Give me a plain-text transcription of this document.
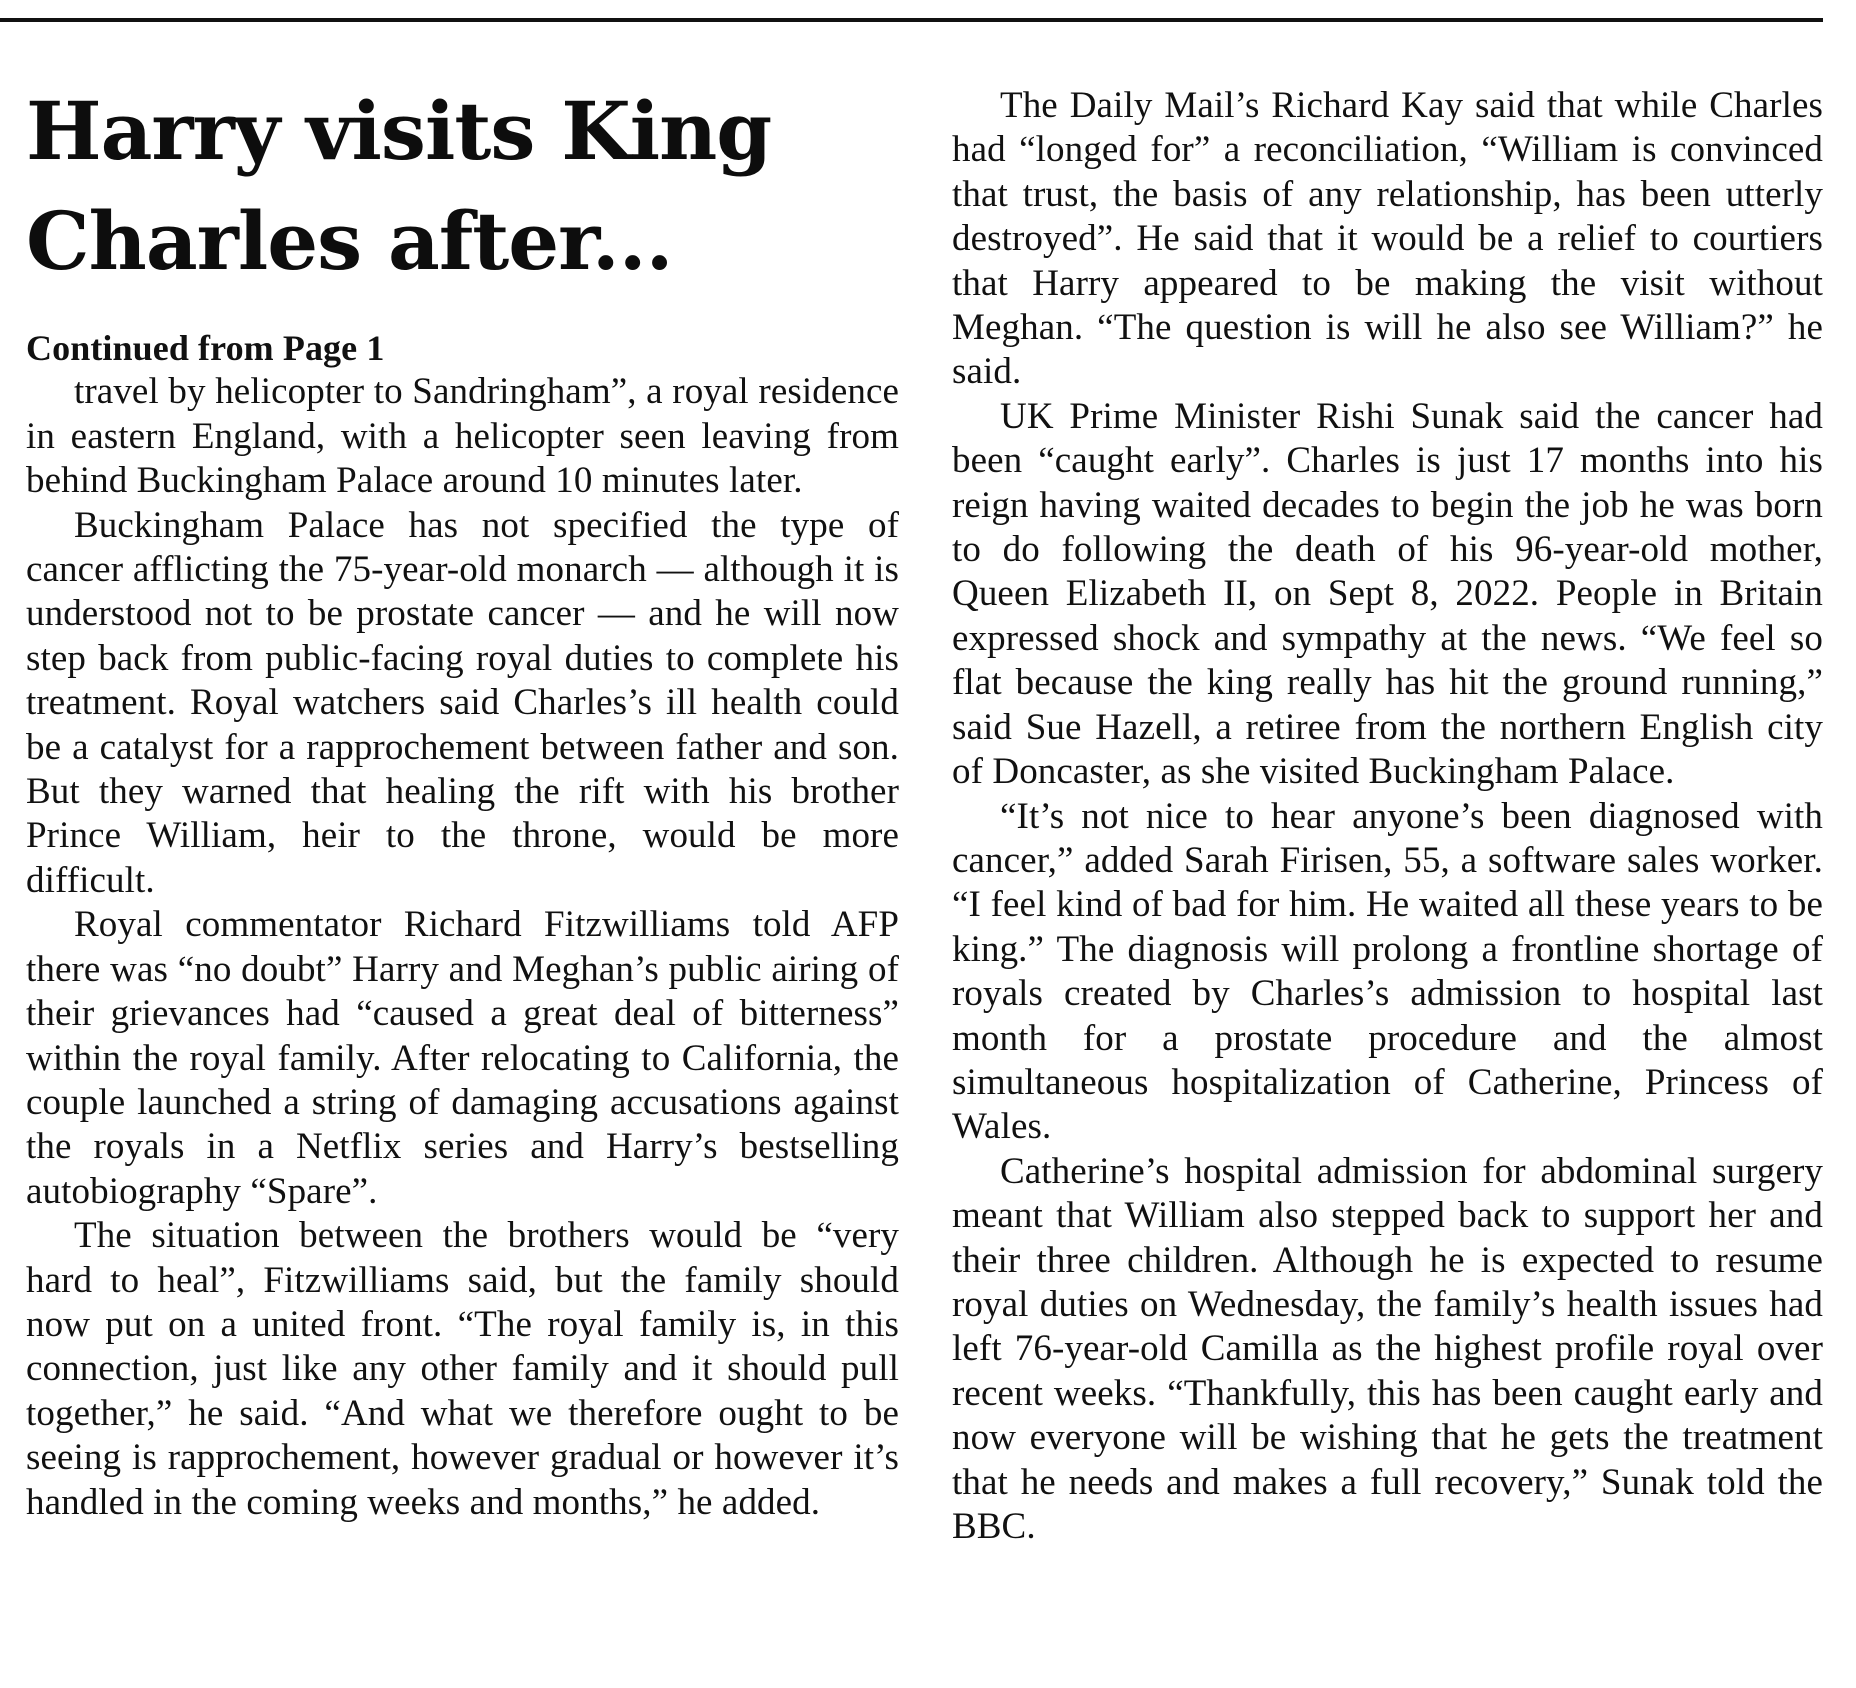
Harry visits King Charles after...
Continued from Page 1

travel by helicopter to Sandringham”, a royal residence in eastern England, with a helicopter seen leaving from behind Buckingham Palace around 10 minutes later.

Buckingham Palace has not specified the type of cancer afflicting the 75-year-old monarch — although it is understood not to be prostate cancer — and he will now step back from public-facing royal duties to complete his treatment. Royal watchers said Charles’s ill health could be a catalyst for a rapprochement between father and son. But they warned that healing the rift with his brother Prince William, heir to the throne, would be more difficult.

Royal commentator Richard Fitzwilliams told AFP there was “no doubt” Harry and Meghan’s public airing of their grievances had “caused a great deal of bitterness” within the royal family. After relocating to California, the couple launched a string of damaging accusations against the royals in a Netflix series and Harry’s bestselling autobiography “Spare”.

The situation between the brothers would be “very hard to heal”, Fitzwilliams said, but the family should now put on a united front. “The royal family is, in this connection, just like any other family and it should pull together,” he said. “And what we therefore ought to be seeing is rapprochement, however gradual or however it’s handled in the coming weeks and months,” he added.

The Daily Mail’s Richard Kay said that while Charles had “longed for” a reconciliation, “William is convinced that trust, the basis of any relationship, has been utterly destroyed”. He said that it would be a relief to courtiers that Harry appeared to be making the visit without Meghan. “The question is will he also see William?” he said.

UK Prime Minister Rishi Sunak said the cancer had been “caught early”. Charles is just 17 months into his reign having waited decades to begin the job he was born to do following the death of his 96-year-old mother, Queen Elizabeth II, on Sept 8, 2022. People in Britain expressed shock and sympathy at the news. “We feel so flat because the king really has hit the ground running,” said Sue Hazell, a retiree from the northern English city of Doncaster, as she visited Buckingham Palace.

“It’s not nice to hear anyone’s been diagnosed with cancer,” added Sarah Firisen, 55, a software sales worker. “I feel kind of bad for him. He waited all these years to be king.” The diagnosis will prolong a frontline shortage of royals created by Charles’s admission to hospital last month for a prostate procedure and the almost simultaneous hospitalization of Catherine, Princess of Wales.

Catherine’s hospital admission for abdominal surgery meant that William also stepped back to support her and their three children. Although he is expected to resume royal duties on Wednesday, the family’s health issues had left 76-year-old Camilla as the highest profile royal over recent weeks. “Thankfully, this has been caught early and now everyone will be wishing that he gets the treatment that he needs and makes a full recovery,” Sunak told the BBC.
